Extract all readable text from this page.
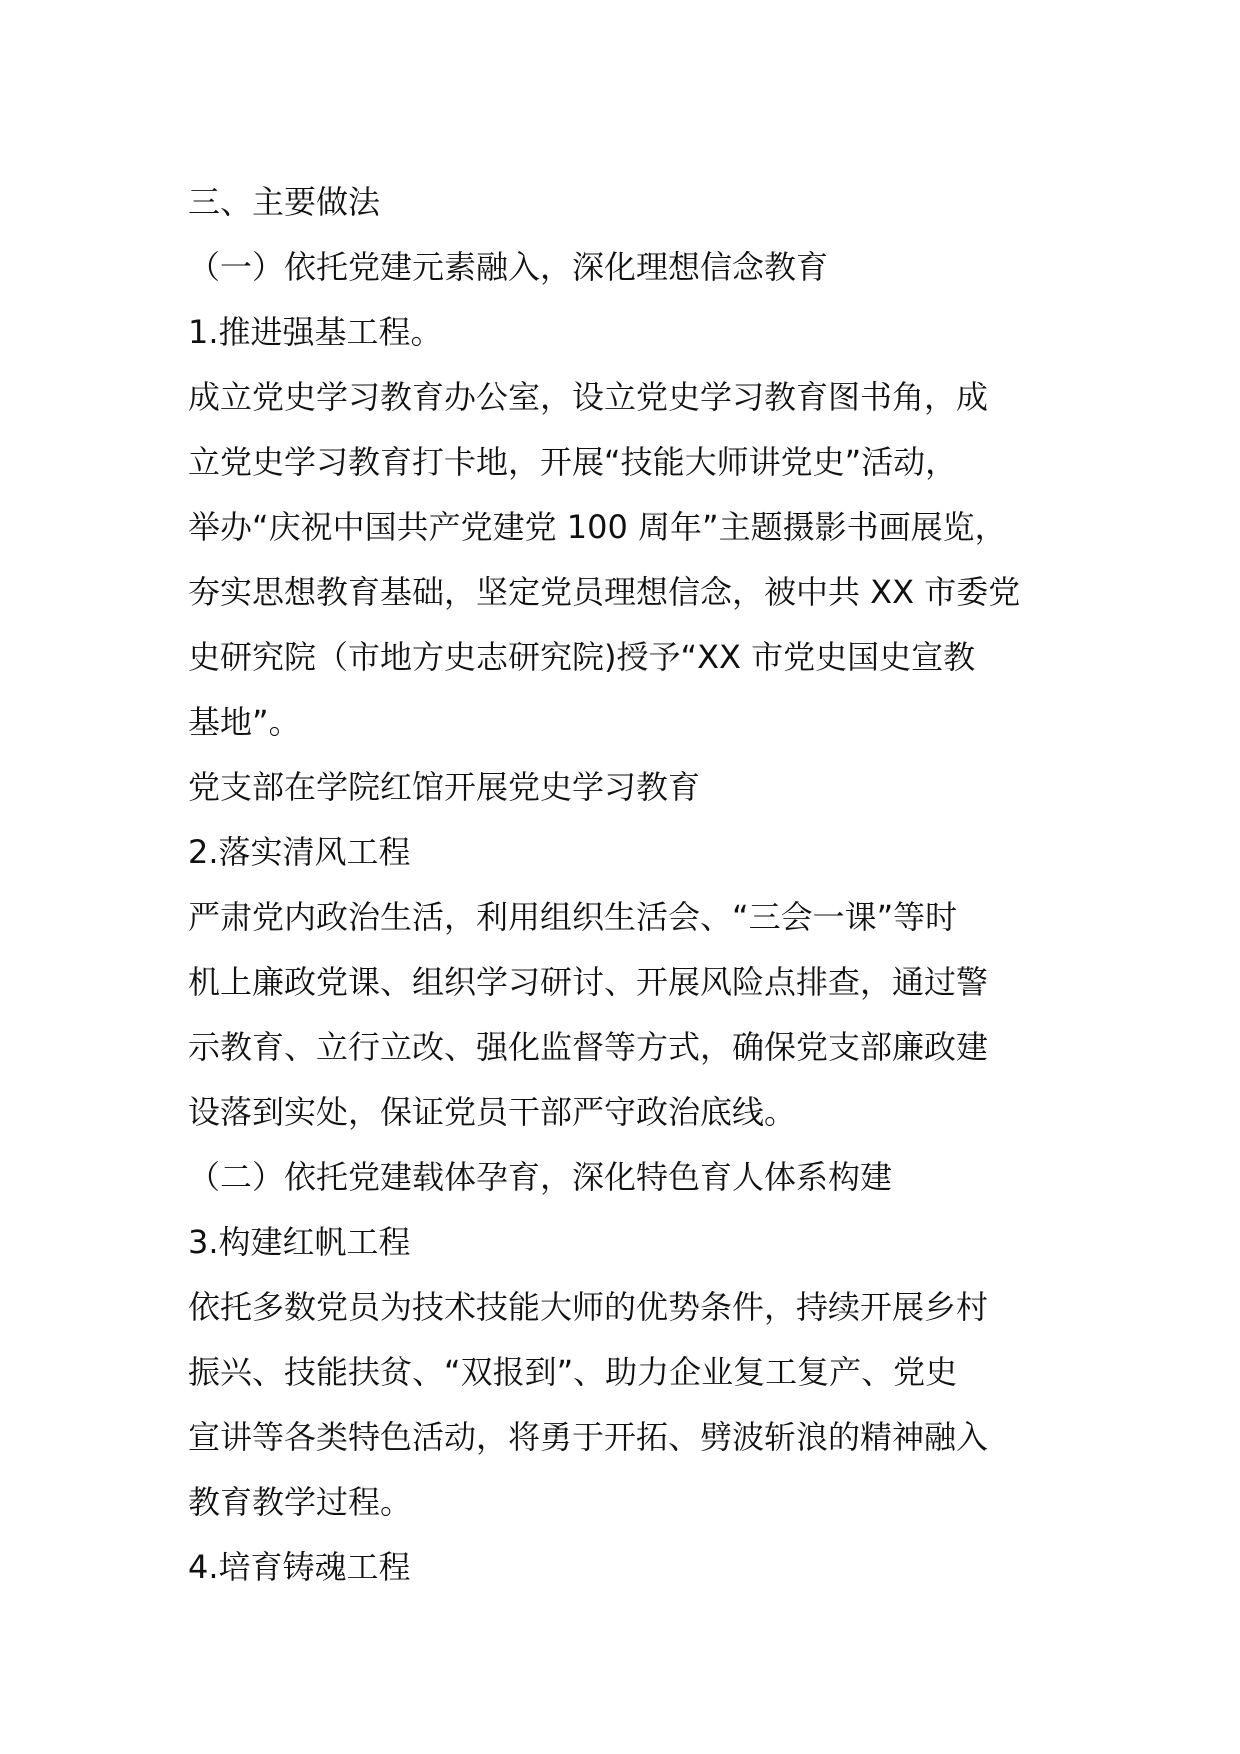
三、主要做法

（一）依托党建元素融入，深化理想信念教育

1.推进强基工程。

成立党史学习教育办公室，设立党史学习教育图书角，成

立党史学习教育打卡地，开展“技能大师讲党史”活动，

举办“庆祝中国共产党建党 100 周年”主题摄影书画展览，

夯实思想教育基础，坚定党员理想信念，被中共 XX 市委党

史研究院（市地方史志研究院)授予“XX 市党史国史宣教

基地”。

党支部在学院红馆开展党史学习教育

2.落实清风工程

严肃党内政治生活，利用组织生活会、“三会一课”等时

机上廉政党课、组织学习研讨、开展风险点排查，通过警

示教育、立行立改、强化监督等方式，确保党支部廉政建

设落到实处，保证党员干部严守政治底线。

（二）依托党建载体孕育，深化特色育人体系构建

3.构建红帆工程

依托多数党员为技术技能大师的优势条件，持续开展乡村

振兴、技能扶贫、“双报到”、助力企业复工复产、党史

宣讲等各类特色活动，将勇于开拓、劈波斩浪的精神融入

教育教学过程。

4.培育铸魂工程
